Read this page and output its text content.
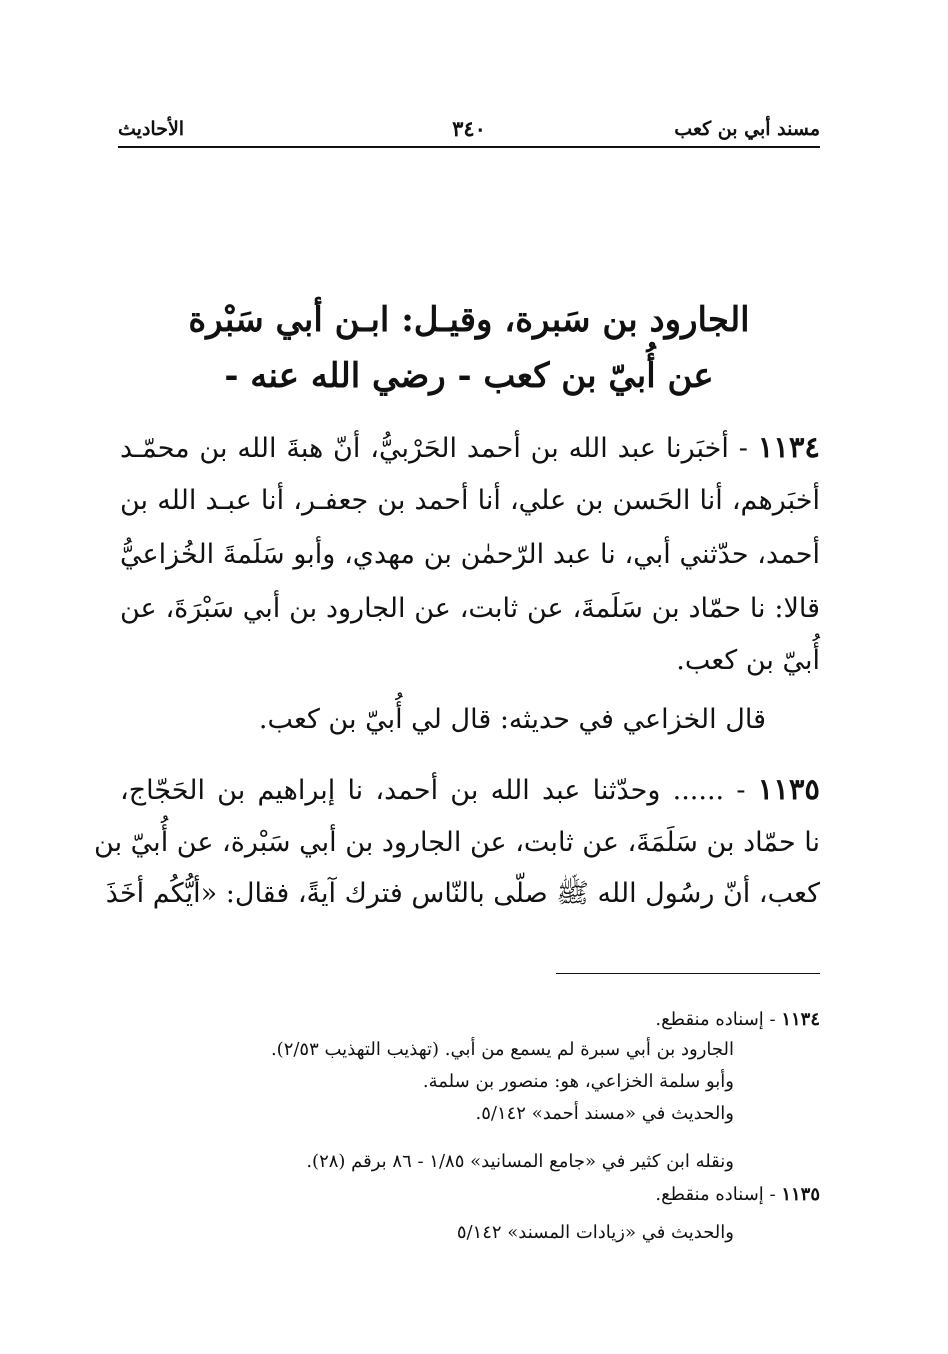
مسند أبي بن كعب
٣٤٠
الأحاديث
الجارود بن سَبرة، وقيـل: ابـن أبي سَبْرة
عن أُبيّ بن كعب - رضي الله عنه -
١١٣٤ - أخبَرنا عبد الله بن أحمد الحَرْبيُّ، أنّ هبةَ الله بن محمّـد
أخبَرهم، أنا الحَسن بن علي، أنا أحمد بن جعفـر، أنا عبـد الله بن
أحمد، حدّثني أبي، نا عبد الرّحمٰن بن مهدي، وأبو سَلَمةَ الخُزاعيُّ
قالا: نا حمّاد بن سَلَمةَ، عن ثابت، عن الجارود بن أبي سَبْرَةَ، عن
أُبيّ بن كعب.
قال الخزاعي في حديثه: قال لي أُبيّ بن كعب.
١١٣٥ - ...... وحدّثنا عبد الله بن أحمد، نا إبراهيم بن الحَجّاج،
نا حمّاد بن سَلَمَةَ، عن ثابت، عن الجارود بن أبي سَبْرة، عن أُبيّ بن
كعب، أنّ رسُول الله ﷺ صلّى بالنّاس فترك آيةً، فقال: «أيُّكُم أخَذَ
١١٣٤ - إسناده منقطع.
الجارود بن أبي سبرة لم يسمع من أبي. (تهذيب التهذيب ٢/٥٣).
وأبو سلمة الخزاعي، هو: منصور بن سلمة.
والحديث في «مسند أحمد» ٥/١٤٢.
ونقله ابن كثير في «جامع المسانيد» ١/٨٥ - ٨٦ برقم (٢٨).
١١٣٥ - إسناده منقطع.
والحديث في «زيادات المسند» ٥/١٤٢
